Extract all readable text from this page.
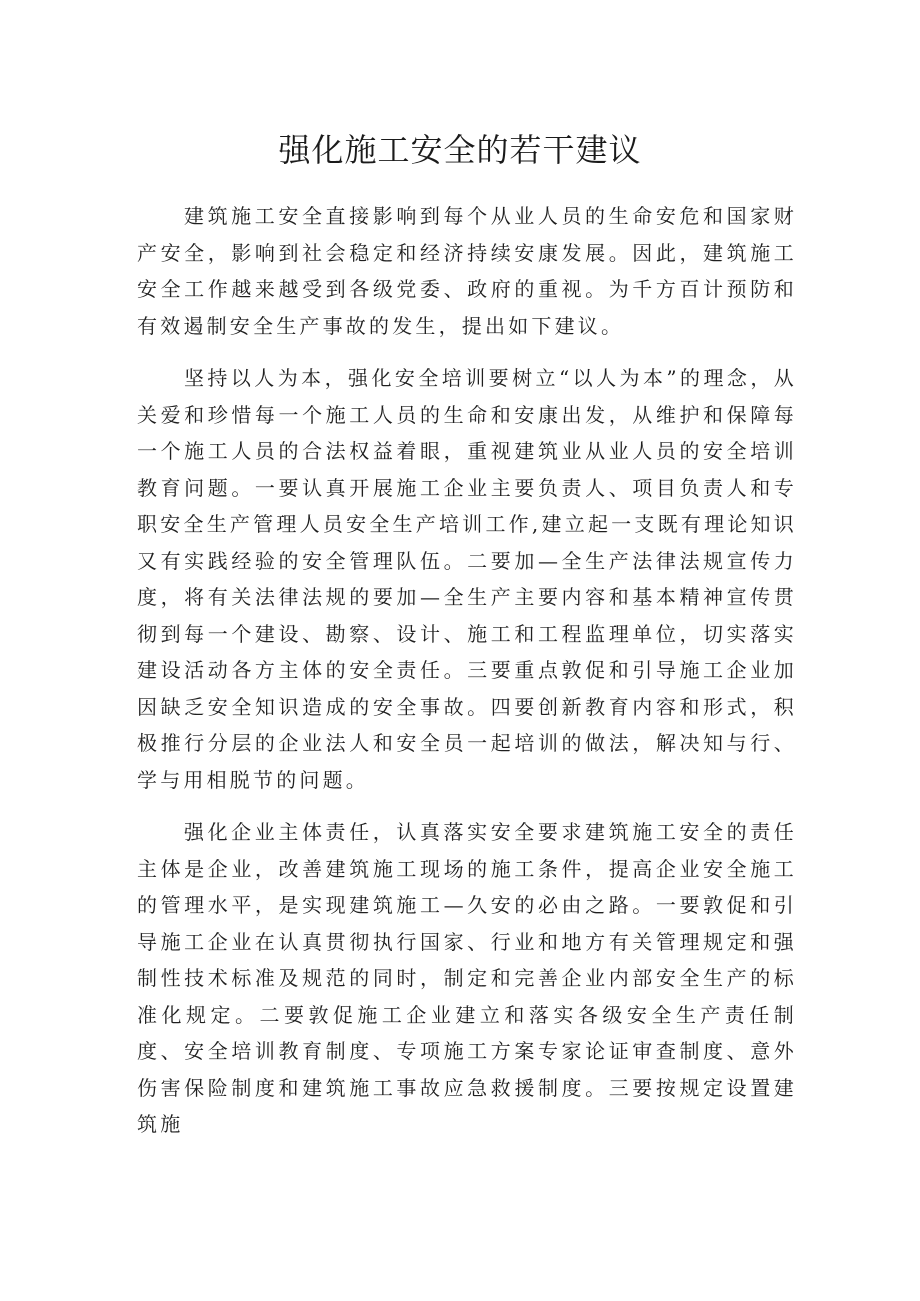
强化施工安全的若干建议

建筑施工安全直接影响到每个从业人员的生命安危和国家财产安全，影响到社会稳定和经济持续安康发展。因此，建筑施工安全工作越来越受到各级党委、政府的重视。为千方百计预防和有效遏制安全生产事故的发生，提出如下建议。

坚持以人为本，强化安全培训要树立“以人为本”的理念，从关爱和珍惜每一个施工人员的生命和安康出发，从维护和保障每一个施工人员的合法权益着眼，重视建筑业从业人员的安全培训教育问题。一要认真开展施工企业主要负责人、项目负责人和专职安全生产管理人员安全生产培训工作,建立起一支既有理论知识又有实践经验的安全管理队伍。二要加—全生产法律法规宣传力度，将有关法律法规的要加—全生产主要内容和基本精神宣传贯彻到每一个建设、勘察、设计、施工和工程监理单位，切实落实建设活动各方主体的安全责任。三要重点敦促和引导施工企业加因缺乏安全知识造成的安全事故。四要创新教育内容和形式，积极推行分层的企业法人和安全员一起培训的做法，解决知与行、学与用相脱节的问题。

强化企业主体责任，认真落实安全要求建筑施工安全的责任主体是企业，改善建筑施工现场的施工条件，提高企业安全施工的管理水平，是实现建筑施工—久安的必由之路。一要敦促和引导施工企业在认真贯彻执行国家、行业和地方有关管理规定和强制性技术标准及规范的同时，制定和完善企业内部安全生产的标准化规定。二要敦促施工企业建立和落实各级安全生产责任制度、安全培训教育制度、专项施工方案专家论证审查制度、意外伤害保险制度和建筑施工事故应急救援制度。三要按规定设置建筑施
